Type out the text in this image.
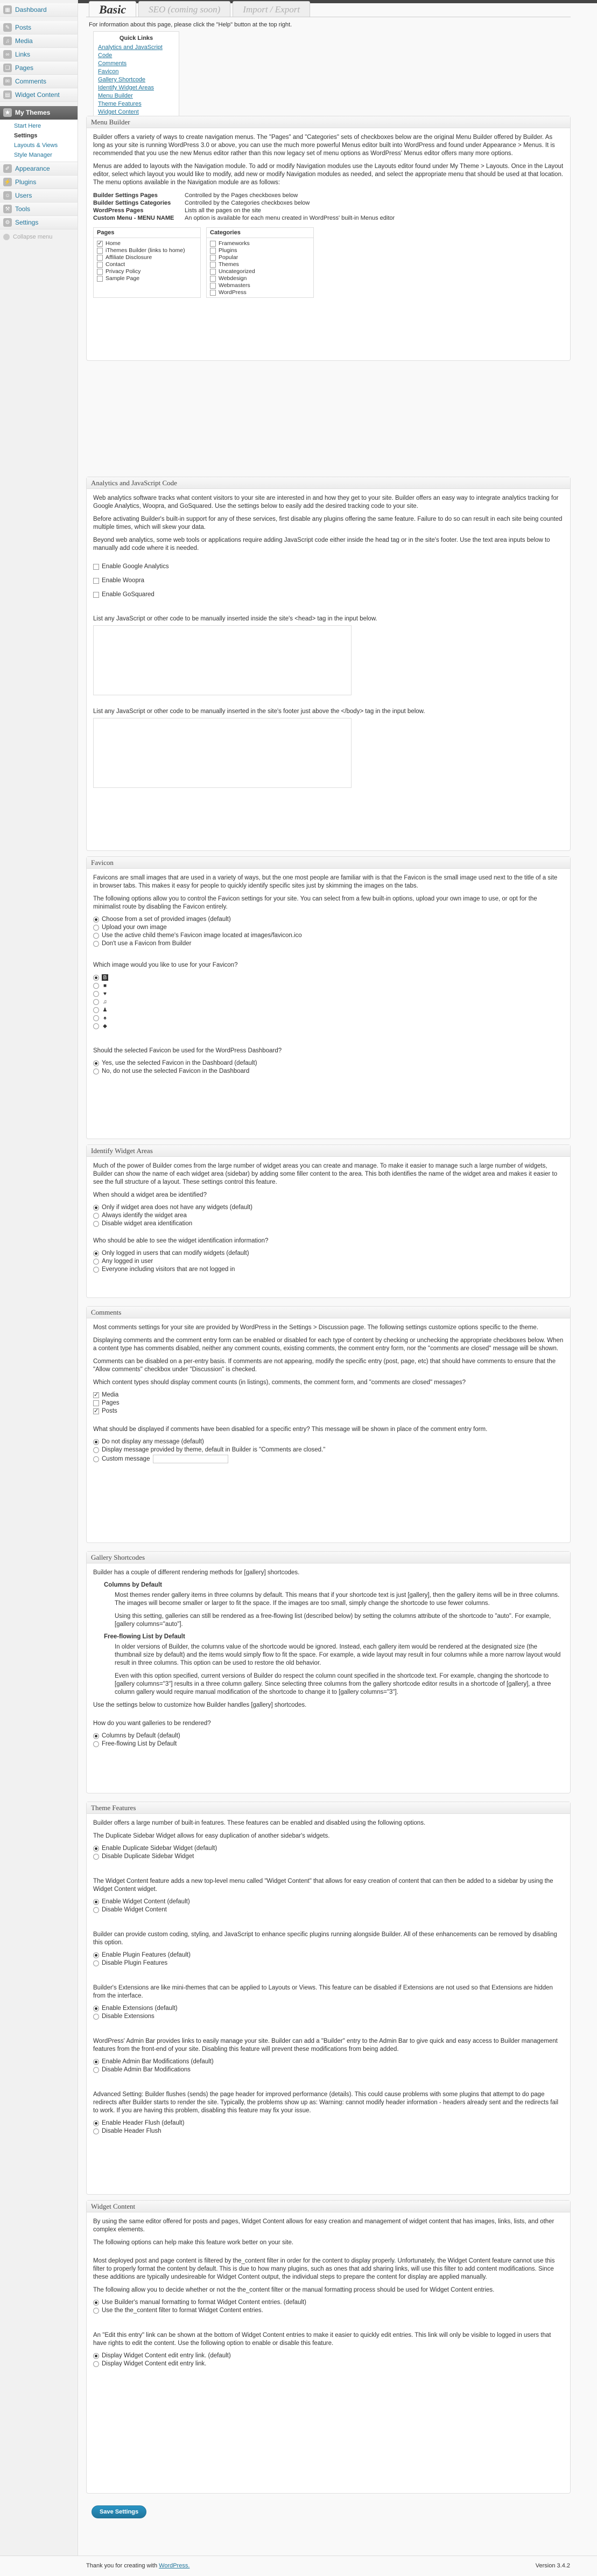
▦ Dashboard
✎ Posts
♫ Media
∞ Links
❑ Pages
✉ Comments
▤ Widget Content
★ My Themes
Start Here
Settings
Layouts & Views
Style Manager
✐ Appearance
⚡ Plugins
☺ Users
⚒ Tools
⚙ Settings
Collapse menu
Basic	SEO (coming soon)	Import / Export
For information about this page, please click the "Help" button at the top right.
Quick Links
Analytics and JavaScript Code
Comments
Favicon
Gallery Shortcode
Identify Widget Areas
Menu Builder
Theme Features
Widget Content
Menu Builder

Builder offers a variety of ways to create navigation menus. The "Pages" and "Categories" sets of checkboxes below are the original Menu Builder offered by Builder. As long as your site is running WordPress 3.0 or above, you can use the much more powerful Menus editor built into WordPress and found under Appearance > Menus. It is recommended that you use the new Menus editor rather than this now legacy set of menu options as WordPress' Menus editor offers many more options.

Menus are added to layouts with the Navigation module. To add or modify Navigation modules use the Layouts editor found under My Theme > Layouts. Once in the Layout editor, select which layout you would like to modify, add new or modify Navigation modules as needed, and select the appropriate menu that should be used at that location. The menu options available in the Navigation module are as follows:

Builder Settings Pages	Controlled by the Pages checkboxes below
Builder Settings Categories	Controlled by the Categories checkboxes below
WordPress Pages	Lists all the pages on the site
Custom Menu - MENU NAME	An option is available for each menu created in WordPress' built-in Menus editor
Pages
✓
Home
iThemes Builder (links to home)
Affiliate Disclosure
Contact
Privacy Policy
Sample Page
Categories
Frameworks
Plugins
Popular
Themes
Uncategorized
Webdesign
Webmasters
WordPress
Analytics and JavaScript Code

Web analytics software tracks what content visitors to your site are interested in and how they get to your site. Builder offers an easy way to integrate analytics tracking for Google Analytics, Woopra, and GoSquared. Use the settings below to easily add the desired tracking code to your site.

Before activating Builder's built-in support for any of these services, first disable any plugins offering the same feature. Failure to do so can result in each site being counted multiple times, which will skew your data.

Beyond web analytics, some web tools or applications require adding JavaScript code either inside the head tag or in the site's footer. Use the text area inputs below to manually add code where it is needed.

Enable Google Analytics
Enable Woopra
Enable GoSquared
List any JavaScript or other code to be manually inserted inside the site's <head> tag in the input below.
List any JavaScript or other code to be manually inserted in the site's footer just above the </body> tag in the input below.
Favicon

Favicons are small images that are used in a variety of ways, but the one most people are familiar with is that the Favicon is the small image used next to the title of a site in browser tabs. This makes it easy for people to quickly identify specific sites just by skimming the images on the tabs.

The following options allow you to control the Favicon settings for your site. You can select from a few built-in options, upload your own image to use, or opt for the minimalist route by disabling the Favicon entirely.

Choose from a set of provided images (default)
Upload your own image
Use the active child theme's Favicon image located at images/favicon.ico
Don't use a Favicon from Builder

Which image would you like to use for your Favicon?

B
■
♥
♫
♟
♠
◆

Should the selected Favicon be used for the WordPress Dashboard?

Yes, use the selected Favicon in the Dashboard (default)
No, do not use the selected Favicon in the Dashboard
Identify Widget Areas

Much of the power of Builder comes from the large number of widget areas you can create and manage. To make it easier to manage such a large number of widgets, Builder can show the name of each widget area (sidebar) by adding some filler content to the area. This both identifies the name of the widget area and makes it easier to see the full structure of a layout. These settings control this feature.

When should a widget area be identified?

Only if widget area does not have any widgets (default)
Always identify the widget area
Disable widget area identification

Who should be able to see the widget identification information?

Only logged in users that can modify widgets (default)
Any logged in user
Everyone including visitors that are not logged in
Comments

Most comments settings for your site are provided by WordPress in the Settings > Discussion page. The following settings customize options specific to the theme.

Displaying comments and the comment entry form can be enabled or disabled for each type of content by checking or unchecking the appropriate checkboxes below. When a content type has comments disabled, neither any comment counts, existing comments, the comment entry form, nor the "comments are closed" message will be shown.

Comments can be disabled on a per-entry basis. If comments are not appearing, modify the specific entry (post, page, etc) that should have comments to ensure that the "Allow comments" checkbox under "Discussion" is checked.

Which content types should display comment counts (in listings), comments, the comment form, and "comments are closed" messages?

✓
Media
Pages
✓
Posts

What should be displayed if comments have been disabled for a specific entry? This message will be shown in place of the comment entry form.

Do not display any message (default)
Display message provided by theme, default in Builder is "Comments are closed."
Custom message
Gallery Shortcodes

Builder has a couple of different rendering methods for [gallery] shortcodes.

Columns by Default

Most themes render gallery items in three columns by default. This means that if your shortcode text is just [gallery], then the gallery items will be in three columns. The images will become smaller or larger to fit the space. If the images are too small, simply change the shortcode to use fewer columns.

Using this setting, galleries can still be rendered as a free-flowing list (described below) by setting the columns attribute of the shortcode to "auto". For example, [gallery columns="auto"].

Free-flowing List by Default

In older versions of Builder, the columns value of the shortcode would be ignored. Instead, each gallery item would be rendered at the designated size (the thumbnail size by default) and the items would simply flow to fit the space. For example, a wide layout may result in four columns while a more narrow layout would result in three columns. This option can be used to restore the old behavior.

Even with this option specified, current versions of Builder do respect the column count specified in the shortcode text. For example, changing the shortcode to [gallery columns="3"] results in a three column gallery. Since selecting three columns from the gallery shortcode editor results in a shortcode of [gallery], a three column gallery would require manual modification of the shortcode to change it to [gallery columns="3"].

Use the settings below to customize how Builder handles [gallery] shortcodes.

How do you want galleries to be rendered?

Columns by Default (default)
Free-flowing List by Default
Theme Features

Builder offers a large number of built-in features. These features can be enabled and disabled using the following options.

The Duplicate Sidebar Widget allows for easy duplication of another sidebar's widgets.

Enable Duplicate Sidebar Widget (default)
Disable Duplicate Sidebar Widget

The Widget Content feature adds a new top-level menu called "Widget Content" that allows for easy creation of content that can then be added to a sidebar by using the Widget Content widget.

Enable Widget Content (default)
Disable Widget Content

Builder can provide custom coding, styling, and JavaScript to enhance specific plugins running alongside Builder. All of these enhancements can be removed by disabling this option.

Enable Plugin Features (default)
Disable Plugin Features

Builder's Extensions are like mini-themes that can be applied to Layouts or Views. This feature can be disabled if Extensions are not used so that Extensions are hidden from the interface.

Enable Extensions (default)
Disable Extensions

WordPress' Admin Bar provides links to easily manage your site. Builder can add a "Builder" entry to the Admin Bar to give quick and easy access to Builder management features from the front-end of your site. Disabling this feature will prevent these modifications from being added.

Enable Admin Bar Modifications (default)
Disable Admin Bar Modifications

Advanced Setting: Builder flushes (sends) the page header for improved performance (details). This could cause problems with some plugins that attempt to do page redirects after Builder starts to render the site. Typically, the problems show up as: Warning: cannot modify header information - headers already sent and the redirects fail to work. If you are having this problem, disabling this feature may fix your issue.

Enable Header Flush (default)
Disable Header Flush
Widget Content

By using the same editor offered for posts and pages, Widget Content allows for easy creation and management of widget content that has images, links, lists, and other complex elements.

The following options can help make this feature work better on your site.

Most deployed post and page content is filtered by the_content filter in order for the content to display properly. Unfortunately, the Widget Content feature cannot use this filter to properly format the content by default. This is due to how many plugins, such as ones that add sharing links, will use this filter to add content modifications. Since these additions are typically undesireable for Widget Content output, the individual steps to prepare the content for display are applied manually.

The following allow you to decide whether or not the the_content filter or the manual formatting process should be used for Widget Content entries.

Use Builder's manual formatting to format Widget Content entries. (default)
Use the the_content filter to format Widget Content entries.

An "Edit this entry" link can be shown at the bottom of Widget Content entries to make it easier to quickly edit entries. This link will only be visible to logged in users that have rights to edit the content. Use the following option to enable or disable this feature.

Display Widget Content edit entry link. (default)
Display Widget Content edit entry link.
Save Settings
Thank you for creating with WordPress.	Version 3.4.2
